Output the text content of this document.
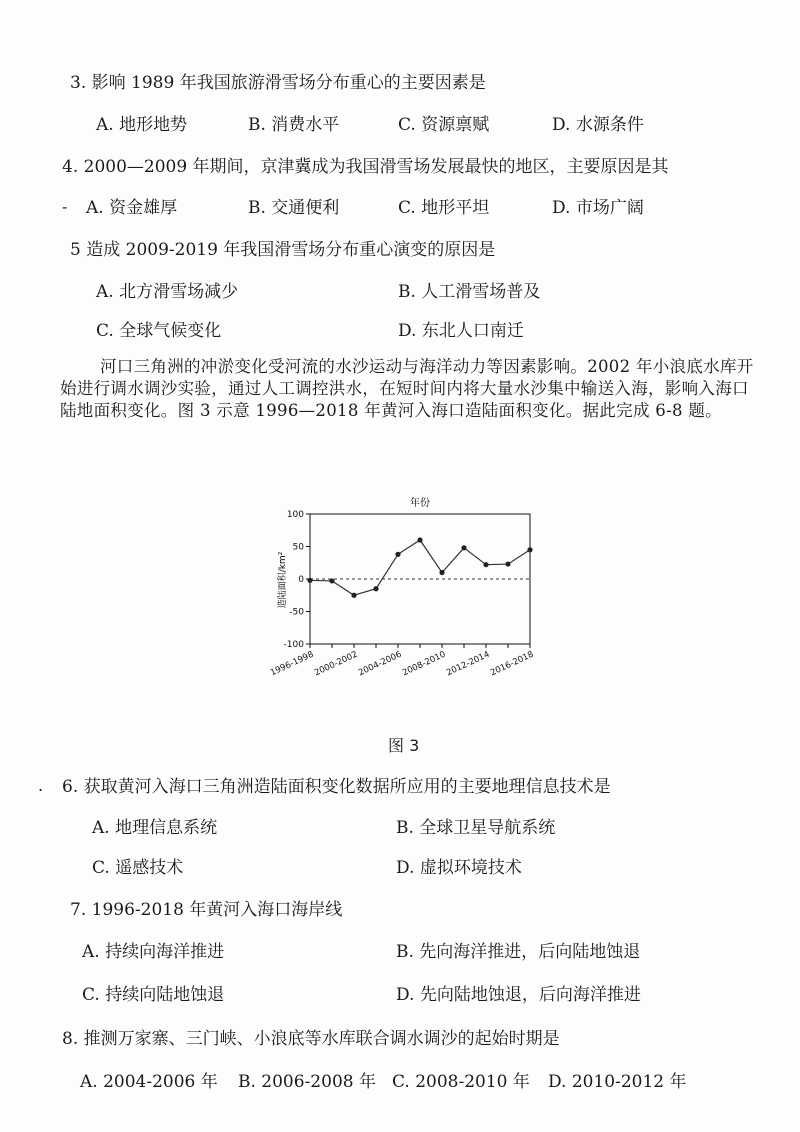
3. 影响 1989 年我国旅游滑雪场分布重心的主要因素是
A. 地形地势	B. 消费水平	C. 资源禀赋	D. 水源条件
4. 2000—2009 年期间，京津冀成为我国滑雪场发展最快的地区，主要原因是其
- A. 资金雄厚	B. 交通便利	C. 地形平坦	D. 市场广阔
5 造成 2009-2019 年我国滑雪场分布重心演变的原因是
A. 北方滑雪场减少	B. 人工滑雪场普及
C. 全球气候变化	D. 东北人口南迁
河口三角洲的冲淤变化受河流的水沙运动与海洋动力等因素影响。2002 年小浪底水库开始进行调水调沙实验，通过人工调控洪水，在短时间内将大量水沙集中输送入海，影响入海口陆地面积变化。图 3 示意 1996—2018 年黄河入海口造陆面积变化。据此完成 6-8 题。
年份
造陆面积/km²
100
50
0
-50
-100
1996-1998
2000-2002
2004-2006
2008-2010
2012-2014
2016-2018
图 3
. 6. 获取黄河入海口三角洲造陆面积变化数据所应用的主要地理信息技术是
A. 地理信息系统	B. 全球卫星导航系统
C. 遥感技术	D. 虚拟环境技术
7. 1996-2018 年黄河入海口海岸线
A. 持续向海洋推进	B. 先向海洋推进，后向陆地蚀退
C. 持续向陆地蚀退	D. 先向陆地蚀退，后向海洋推进
8. 推测万家寨、三门峡、小浪底等水库联合调水调沙的起始时期是
A. 2004-2006 年 B. 2006-2008 年 C. 2008-2010 年 D. 2010-2012 年
